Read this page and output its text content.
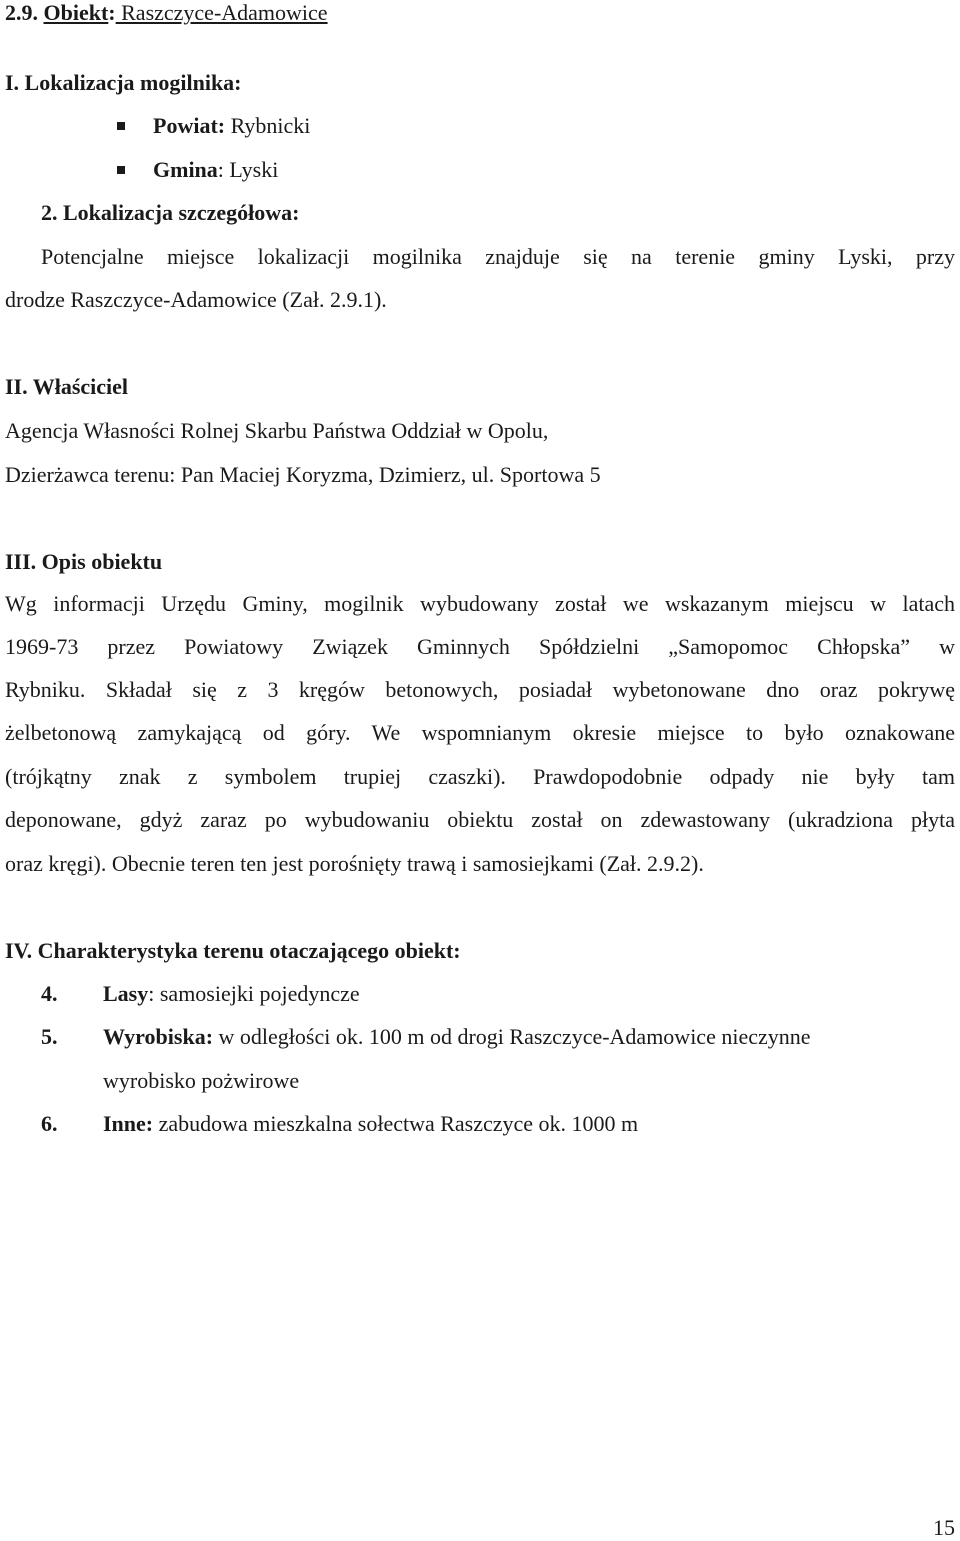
2.9. Obiekt: Raszczyce-Adamowice
I. Lokalizacja mogilnika:
Powiat: Rybnicki
Gmina: Lyski
2. Lokalizacja szczegółowa:
Potencjalne miejsce lokalizacji mogilnika znajduje się na terenie gminy Lyski, przy
drodze Raszczyce-Adamowice (Zał. 2.9.1).
II. Właściciel
Agencja Własności Rolnej Skarbu Państwa Oddział w Opolu,
Dzierżawca terenu: Pan Maciej Koryzma, Dzimierz, ul. Sportowa 5
III. Opis obiektu
Wg informacji Urzędu Gminy, mogilnik wybudowany został we wskazanym miejscu w latach
1969-73 przez Powiatowy Związek Gminnych Spółdzielni „Samopomoc Chłopska” w
Rybniku. Składał się z 3 kręgów betonowych, posiadał wybetonowane dno oraz pokrywę
żelbetonową zamykającą od góry. We wspomnianym okresie miejsce to było oznakowane
(trójkątny znak z symbolem trupiej czaszki). Prawdopodobnie odpady nie były tam
deponowane, gdyż zaraz po wybudowaniu obiektu został on zdewastowany (ukradziona płyta
oraz kręgi). Obecnie teren ten jest porośnięty trawą i samosiejkami (Zał. 2.9.2).
IV. Charakterystyka terenu otaczającego obiekt:
4. Lasy: samosiejki pojedyncze
5. Wyrobiska: w odległości ok. 100 m od drogi Raszczyce-Adamowice nieczynne
wyrobisko pożwirowe
6. Inne: zabudowa mieszkalna sołectwa Raszczyce ok. 1000 m
15
